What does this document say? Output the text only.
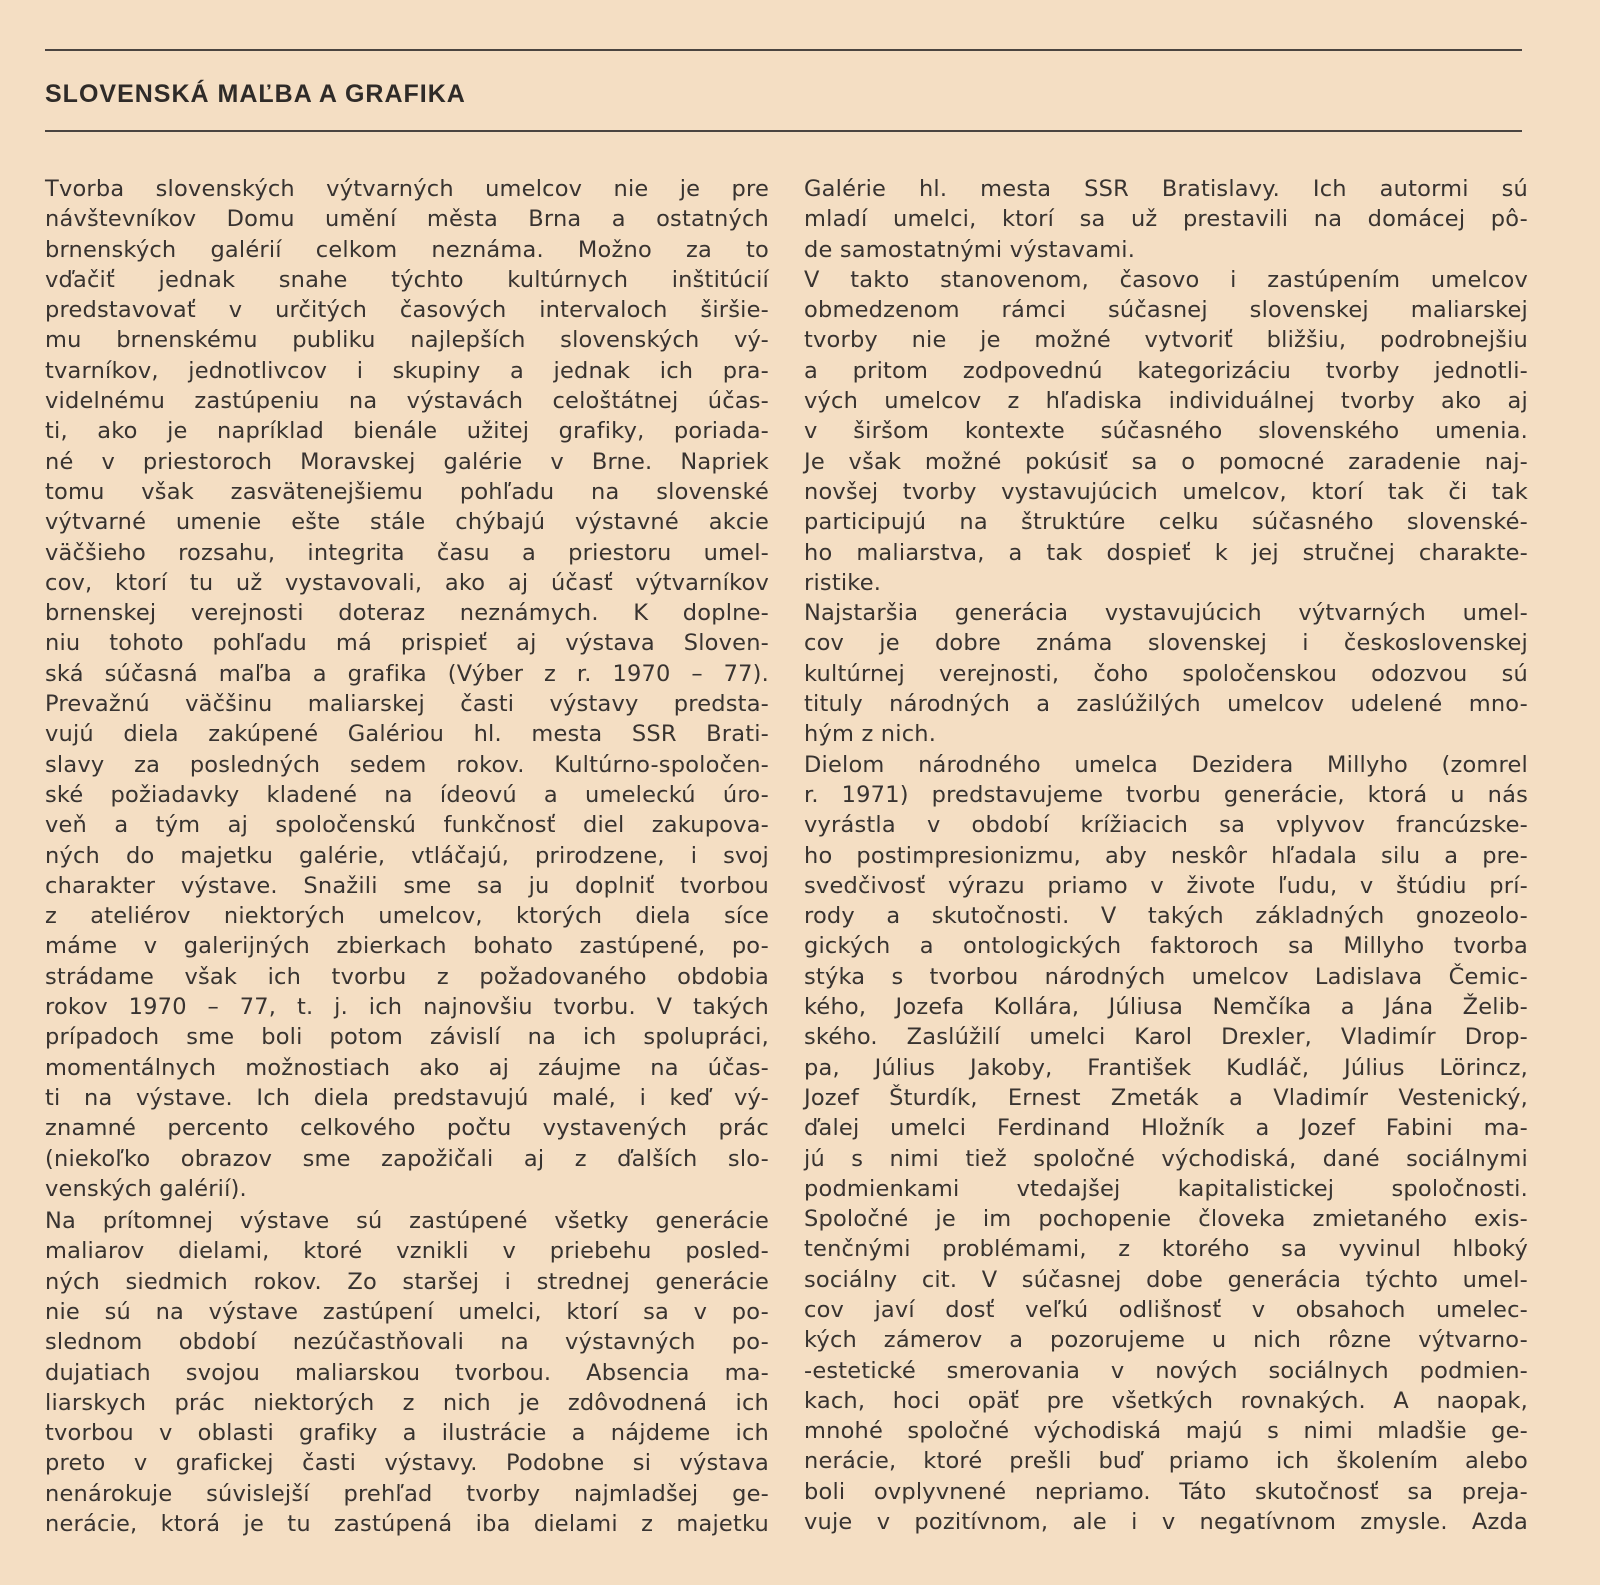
SLOVENSKÁ MAĽBA A GRAFIKA
Tvorba slovenských výtvarných umelcov nie je pre
návštevníkov Domu umění města Brna a ostatných
brnenských galérií celkom neznáma. Možno za to
vďačiť jednak snahe týchto kultúrnych inštitúcií
predstavovať v určitých časových intervaloch širšie-
mu brnenskému publiku najlepších slovenských vý-
tvarníkov, jednotlivcov i skupiny a jednak ich pra-
videlnému zastúpeniu na výstavách celoštátnej účas-
ti, ako je napríklad bienále užitej grafiky, poriada-
né v priestoroch Moravskej galérie v Brne. Napriek
tomu však zasvätenejšiemu pohľadu na slovenské
výtvarné umenie ešte stále chýbajú výstavné akcie
väčšieho rozsahu, integrita času a priestoru umel-
cov, ktorí tu už vystavovali, ako aj účasť výtvarníkov
brnenskej verejnosti doteraz neznámych. K doplne-
niu tohoto pohľadu má prispieť aj výstava Sloven-
ská súčasná maľba a grafika (Výber z r. 1970 – 77).
Prevažnú väčšinu maliarskej časti výstavy predsta-
vujú diela zakúpené Galériou hl. mesta SSR Brati-
slavy za posledných sedem rokov. Kultúrno-spoločen-
ské požiadavky kladené na ídeovú a umeleckú úro-
veň a tým aj spoločenskú funkčnosť diel zakupova-
ných do majetku galérie, vtláčajú, prirodzene, i svoj
charakter výstave. Snažili sme sa ju doplniť tvorbou
z ateliérov niektorých umelcov, ktorých diela síce
máme v galerijných zbierkach bohato zastúpené, po-
strádame však ich tvorbu z požadovaného obdobia
rokov 1970 – 77, t. j. ich najnovšiu tvorbu. V takých
prípadoch sme boli potom závislí na ich spolupráci,
momentálnych možnostiach ako aj záujme na účas-
ti na výstave. Ich diela predstavujú malé, i keď vý-
znamné percento celkového počtu vystavených prác
(niekoľko obrazov sme zapožičali aj z ďalších slo-
venských galérií).
Na prítomnej výstave sú zastúpené všetky generácie
maliarov dielami, ktoré vznikli v priebehu posled-
ných siedmich rokov. Zo staršej i strednej generácie
nie sú na výstave zastúpení umelci, ktorí sa v po-
slednom období nezúčastňovali na výstavných po-
dujatiach svojou maliarskou tvorbou. Absencia ma-
liarskych prác niektorých z nich je zdôvodnená ich
tvorbou v oblasti grafiky a ilustrácie a nájdeme ich
preto v grafickej časti výstavy. Podobne si výstava
nenárokuje súvislejší prehľad tvorby najmladšej ge-
nerácie, ktorá je tu zastúpená iba dielami z majetku
Galérie hl. mesta SSR Bratislavy. Ich autormi sú
mladí umelci, ktorí sa už prestavili na domácej pô-
de samostatnými výstavami.
V takto stanovenom, časovo i zastúpením umelcov
obmedzenom rámci súčasnej slovenskej maliarskej
tvorby nie je možné vytvoriť bližšiu, podrobnejšiu
a pritom zodpovednú kategorizáciu tvorby jednotli-
vých umelcov z hľadiska individuálnej tvorby ako aj
v širšom kontexte súčasného slovenského umenia.
Je však možné pokúsiť sa o pomocné zaradenie naj-
novšej tvorby vystavujúcich umelcov, ktorí tak či tak
participujú na štruktúre celku súčasného slovenské-
ho maliarstva, a tak dospieť k jej stručnej charakte-
ristike.
Najstaršia generácia vystavujúcich výtvarných umel-
cov je dobre známa slovenskej i československej
kultúrnej verejnosti, čoho spoločenskou odozvou sú
tituly národných a zaslúžilých umelcov udelené mno-
hým z nich.
Dielom národného umelca Dezidera Millyho (zomrel
r. 1971) predstavujeme tvorbu generácie, ktorá u nás
vyrástla v období krížiacich sa vplyvov francúzske-
ho postimpresionizmu, aby neskôr hľadala silu a pre-
svedčivosť výrazu priamo v živote ľudu, v štúdiu prí-
rody a skutočnosti. V takých základných gnozeolo-
gických a ontologických faktoroch sa Millyho tvorba
stýka s tvorbou národných umelcov Ladislava Čemic-
kého, Jozefa Kollára, Júliusa Nemčíka a Jána Želib-
ského. Zaslúžilí umelci Karol Drexler, Vladimír Drop-
pa, Július Jakoby, František Kudláč, Július Lörincz,
Jozef Šturdík, Ernest Zmeták a Vladimír Vestenický,
ďalej umelci Ferdinand Hložník a Jozef Fabini ma-
jú s nimi tiež spoločné východiská, dané sociálnymi
podmienkami vtedajšej kapitalistickej spoločnosti.
Spoločné je im pochopenie človeka zmietaného exis-
tenčnými problémami, z ktorého sa vyvinul hlboký
sociálny cit. V súčasnej dobe generácia týchto umel-
cov javí dosť veľkú odlišnosť v obsahoch umelec-
kých zámerov a pozorujeme u nich rôzne výtvarno-
-estetické smerovania v nových sociálnych podmien-
kach, hoci opäť pre všetkých rovnakých. A naopak,
mnohé spoločné východiská majú s nimi mladšie ge-
nerácie, ktoré prešli buď priamo ich školením alebo
boli ovplyvnené nepriamo. Táto skutočnosť sa preja-
vuje v pozitívnom, ale i v negatívnom zmysle. Azda
